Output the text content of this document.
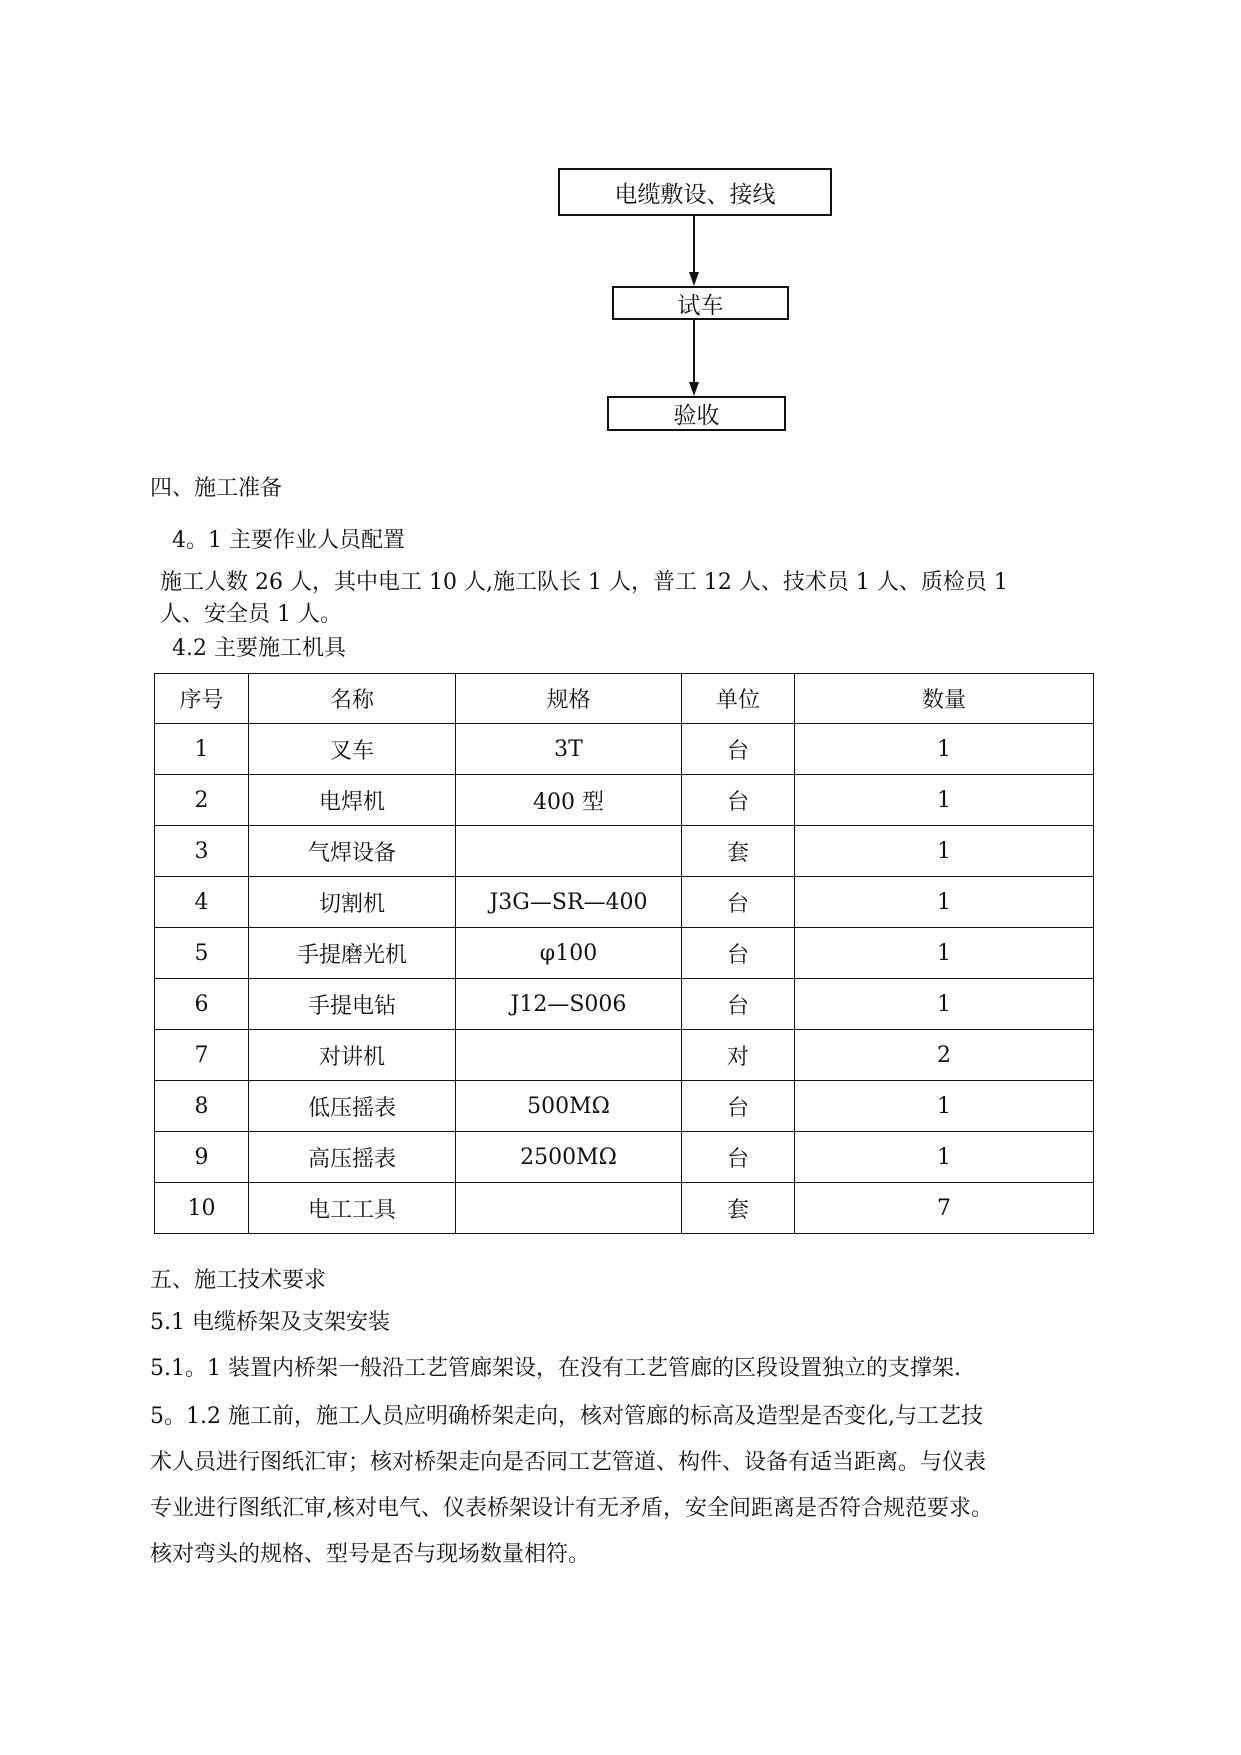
电缆敷设、接线
试车
验收
四、施工准备
4。1 主要作业人员配置
施工人数 26 人，其中电工 10 人,施工队长 1 人，普工 12 人、技术员 1 人、质检员 1
人、安全员 1 人。
4.2 主要施工机具
序号	名称	规格	单位	数量
1	叉车	3T	台	1
2	电焊机	400 型	台	1
3	气焊设备		套	1
4	切割机	J3G—SR—400	台	1
5	手提磨光机	φ100	台	1
6	手提电钻	J12—S006	台	1
7	对讲机		对	2
8	低压摇表	500MΩ	台	1
9	高压摇表	2500MΩ	台	1
10	电工工具		套	7
五、施工技术要求
5.1 电缆桥架及支架安装
5.1。1 装置内桥架一般沿工艺管廊架设，在没有工艺管廊的区段设置独立的支撑架.
5。1.2 施工前，施工人员应明确桥架走向，核对管廊的标高及造型是否变化,与工艺技
术人员进行图纸汇审；核对桥架走向是否同工艺管道、构件、设备有适当距离。与仪表
专业进行图纸汇审,核对电气、仪表桥架设计有无矛盾，安全间距离是否符合规范要求。
核对弯头的规格、型号是否与现场数量相符。
